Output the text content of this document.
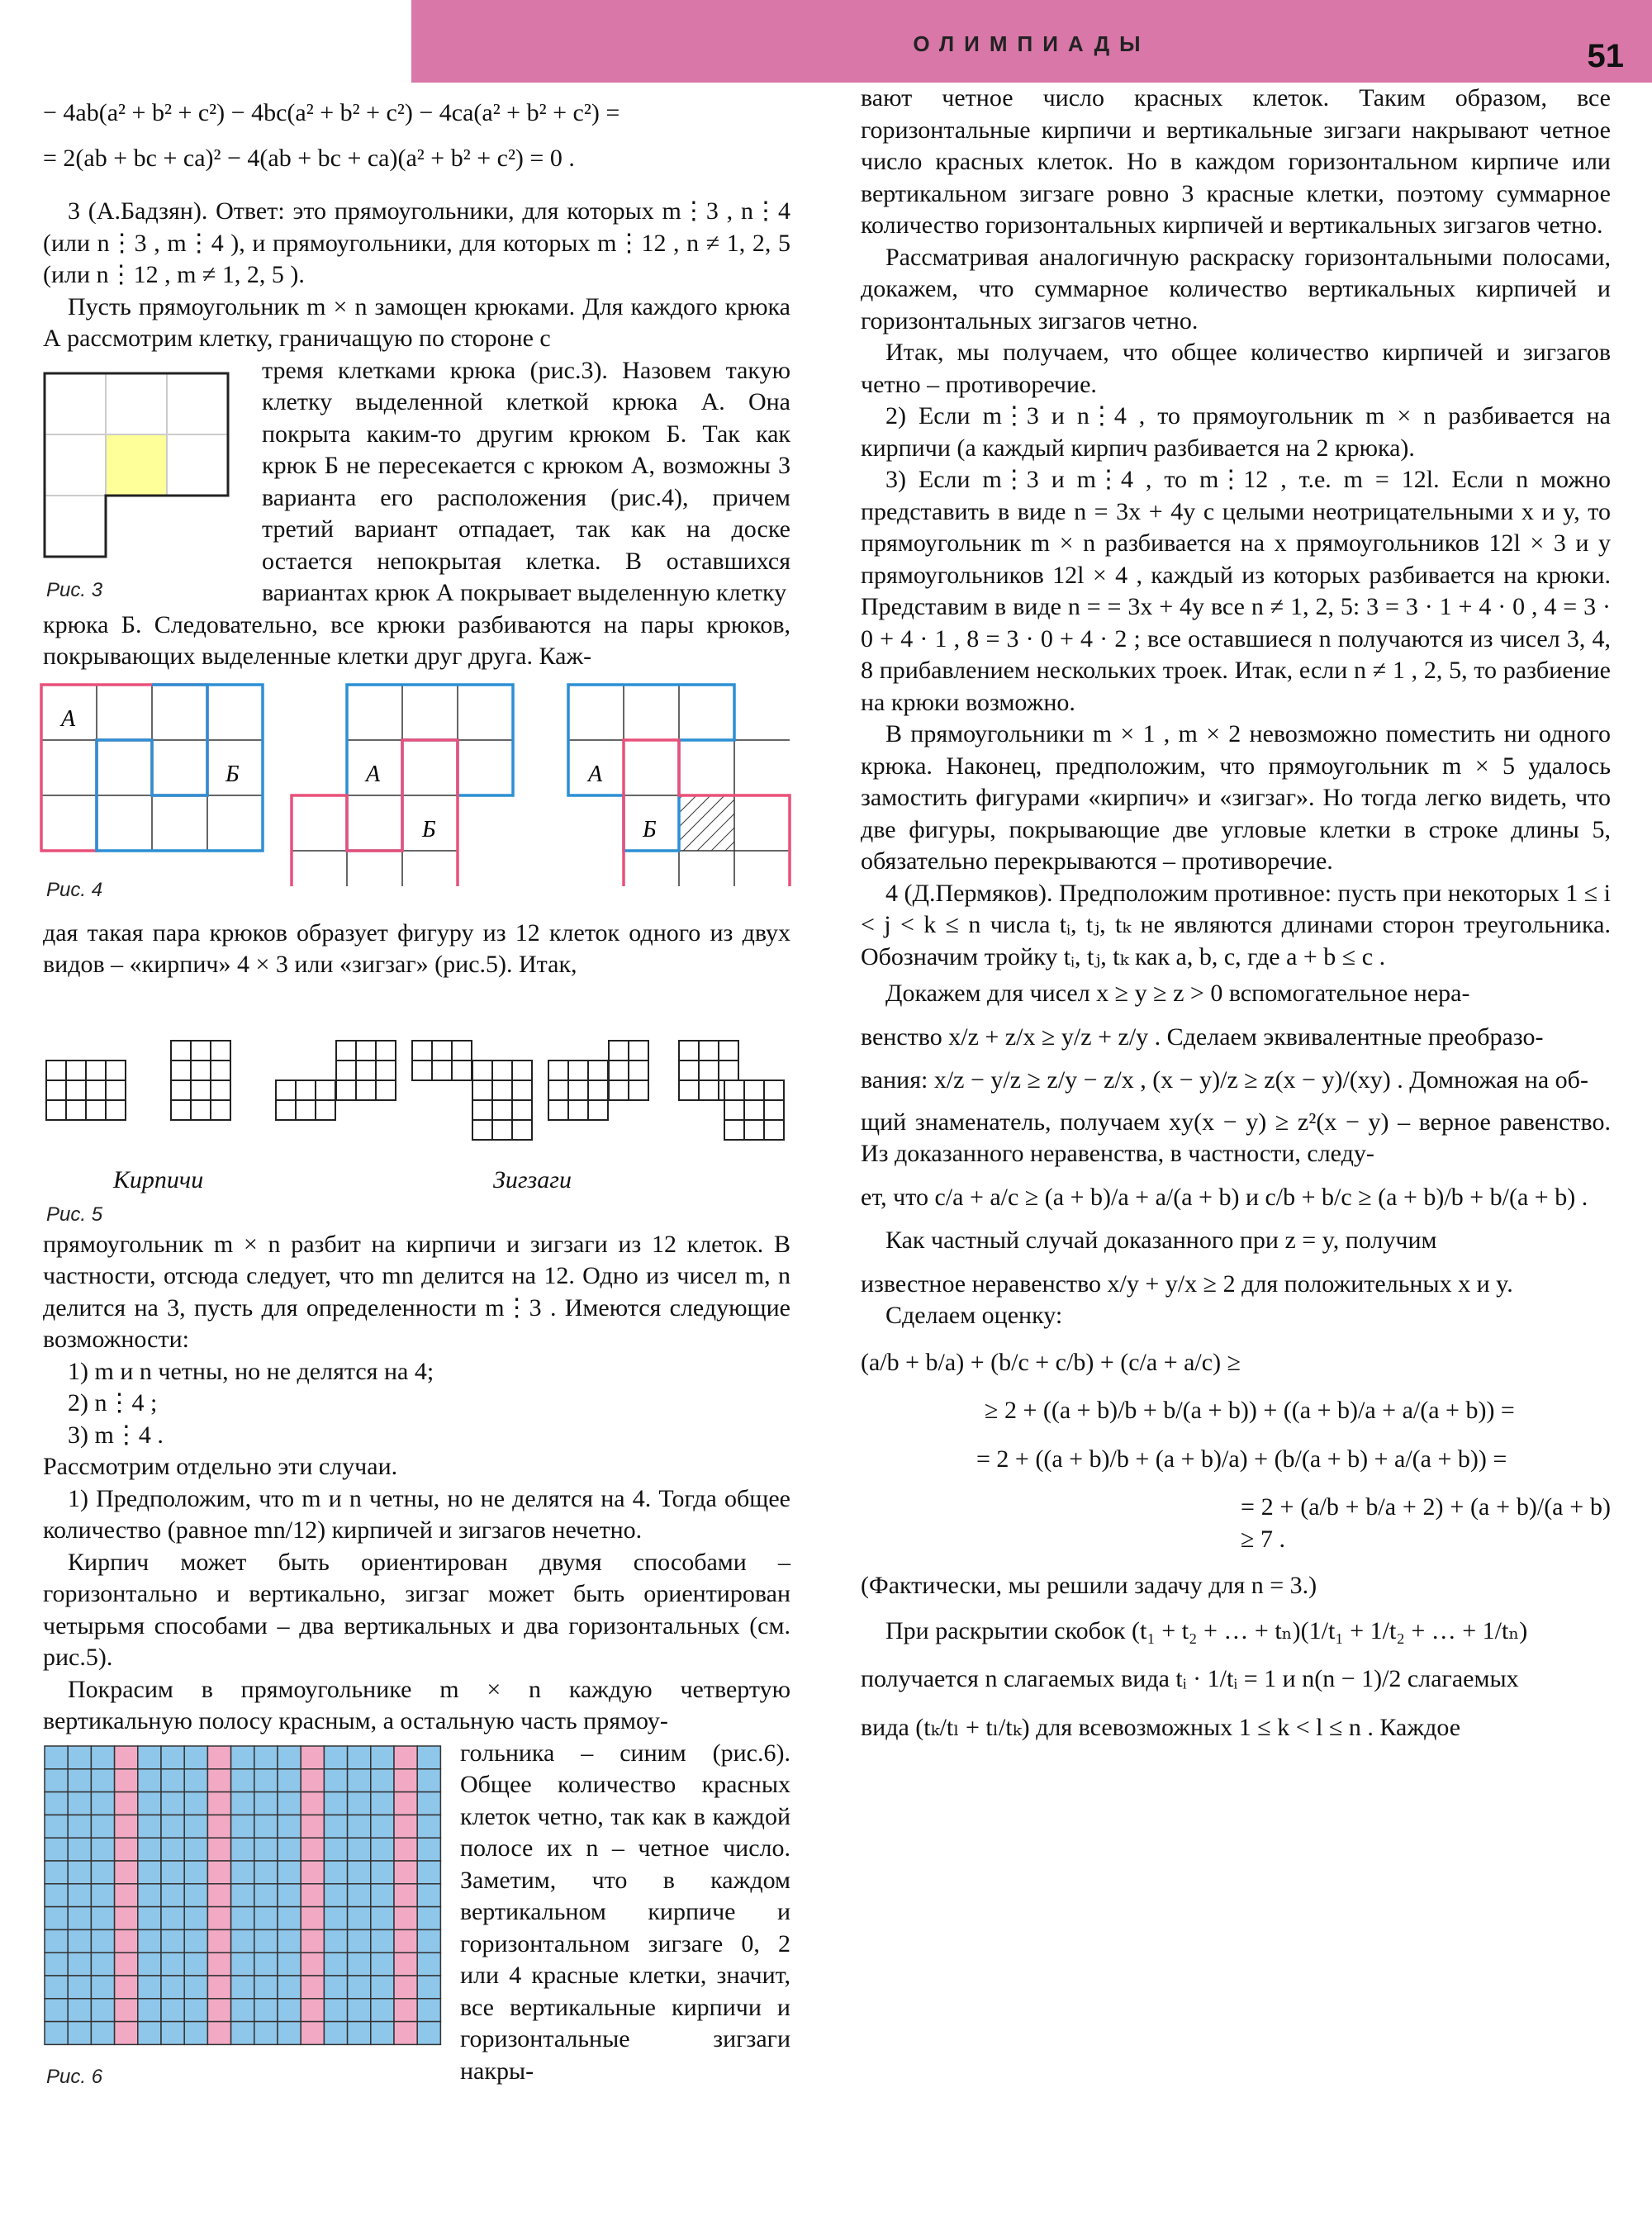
ОЛИМПИАДЫ	51

− 4ab(a² + b² + c²) − 4bc(a² + b² + c²) − 4ca(a² + b² + c²) =

= 2(ab + bc + ca)² − 4(ab + bc + ca)(a² + b² + c²) = 0 .

3 (А.Бадзян). Ответ: это прямоугольники, для которых m⋮3 , n⋮4 (или n⋮3 , m⋮4 ), и прямоугольники, для которых m⋮12 , n ≠ 1, 2, 5 (или n⋮12 , m ≠ 1, 2, 5 ).

Пусть прямоугольник m × n замощен крюками. Для каждого крюка А рассмотрим клетку, граничащую по стороне с

Рис. 3

тремя клетками крюка (рис.3). Назовем такую клетку выделенной клеткой крюка А. Она покрыта каким-то другим крюком Б. Так как крюк Б не пересекается с крюком А, возможны 3 варианта его расположения (рис.4), причем третий вариант отпадает, так как на доске остается непокрытая клетка. В оставшихся вариантах крюк А покрывает выделенную клетку

крюка Б. Следовательно, все крюки разбиваются на пары крюков, покрывающих выделенные клетки друг друга. Каж-

А
Б	А
Б
А
Б
Рис. 4

дая такая пара крюков образует фигуру из 12 клеток одного из двух видов – «кирпич» 4 × 3 или «зигзаг» (рис.5). Итак,

Кирпичи	Зигзаги
Рис. 5

прямоугольник m × n разбит на кирпичи и зигзаги из 12 клеток. В частности, отсюда следует, что mn делится на 12. Одно из чисел m, n делится на 3, пусть для определенности m⋮3 . Имеются следующие возможности:

1) m и n четны, но не делятся на 4;

2) n⋮4 ;

3) m⋮4 .

Рассмотрим отдельно эти случаи.

1) Предположим, что m и n четны, но не делятся на 4. Тогда общее количество (равное mn/12) кирпичей и зигзагов нечетно.

Кирпич может быть ориентирован двумя способами – горизонтально и вертикально, зигзаг может быть ориентирован четырьмя способами – два вертикальных и два горизонтальных (см. рис.5).

Покрасим в прямоугольнике m × n каждую четвертую вертикальную полосу красным, а остальную часть прямоу-

Рис. 6

гольника – синим (рис.6). Общее количество красных клеток четно, так как в каждой полосе их n – четное число. Заметим, что в каждом вертикальном кирпиче и горизонтальном зигзаге 0, 2 или 4 красные клетки, значит, все вертикальные кирпичи и горизонтальные зигзаги накры-

вают четное число красных клеток. Таким образом, все горизонтальные кирпичи и вертикальные зигзаги накрывают четное число красных клеток. Но в каждом горизонтальном кирпиче или вертикальном зигзаге ровно 3 красные клетки, поэтому суммарное количество горизонтальных кирпичей и вертикальных зигзагов четно.

Рассматривая аналогичную раскраску горизонтальными полосами, докажем, что суммарное количество вертикальных кирпичей и горизонтальных зигзагов четно.

Итак, мы получаем, что общее количество кирпичей и зигзагов четно – противоречие.

2) Если m⋮3 и n⋮4 , то прямоугольник m × n разбивается на кирпичи (а каждый кирпич разбивается на 2 крюка).

3) Если m⋮3 и m⋮4 , то m⋮12 , т.е. m = 12l. Если n можно представить в виде n = 3x + 4y с целыми неотрицательными x и y, то прямоугольник m × n разбивается на x прямоугольников 12l × 3 и y прямоугольников 12l × 4 , каждый из которых разбивается на крюки. Представим в виде n = = 3x + 4y все n ≠ 1, 2, 5: 3 = 3 · 1 + 4 · 0 , 4 = 3 · 0 + 4 · 1 , 8 = 3 · 0 + 4 · 2 ; все оставшиеся n получаются из чисел 3, 4, 8 прибавлением нескольких троек. Итак, если n ≠ 1 , 2, 5, то разбиение на крюки возможно.

В прямоугольники m × 1 , m × 2 невозможно поместить ни одного крюка. Наконец, предположим, что прямоугольник m × 5 удалось замостить фигурами «кирпич» и «зигзаг». Но тогда легко видеть, что две фигуры, покрывающие две угловые клетки в строке длины 5, обязательно перекрываются – противоречие.

4 (Д.Пермяков). Предположим противное: пусть при некоторых 1 ≤ i < j < k ≤ n числа tᵢ, tⱼ, tₖ не являются длинами сторон треугольника. Обозначим тройку tᵢ, tⱼ, tₖ как a, b, c, где a + b ≤ c .

Докажем для чисел x ≥ y ≥ z > 0 вспомогательное нера-

венство x/z + z/x ≥ y/z + z/y . Сделаем эквивалентные преобразо-

вания: x/z − y/z ≥ z/y − z/x , (x − y)/z ≥ z(x − y)/(xy) . Домножая на об-

щий знаменатель, получаем xy(x − y) ≥ z²(x − y) – верное равенство. Из доказанного неравенства, в частности, следу-

ет, что c/a + a/c ≥ (a + b)/a + a/(a + b) и c/b + b/c ≥ (a + b)/b + b/(a + b) .

Как частный случай доказанного при z = y, получим

известное неравенство x/y + y/x ≥ 2 для положительных x и y.

Сделаем оценку:

(a/b + b/a) + (b/c + c/b) + (c/a + a/c) ≥

≥ 2 + ((a + b)/b + b/(a + b)) + ((a + b)/a + a/(a + b)) =

= 2 + ((a + b)/b + (a + b)/a) + (b/(a + b) + a/(a + b)) =

= 2 + (a/b + b/a + 2) + (a + b)/(a + b) ≥ 7 .

(Фактически, мы решили задачу для n = 3.)

При раскрытии скобок (t₁ + t₂ + … + tₙ)(1/t₁ + 1/t₂ + … + 1/tₙ)

получается n слагаемых вида tᵢ · 1/tᵢ = 1 и n(n − 1)/2 слагаемых

вида (tₖ/tₗ + tₗ/tₖ) для всевозможных 1 ≤ k < l ≤ n . Каждое
